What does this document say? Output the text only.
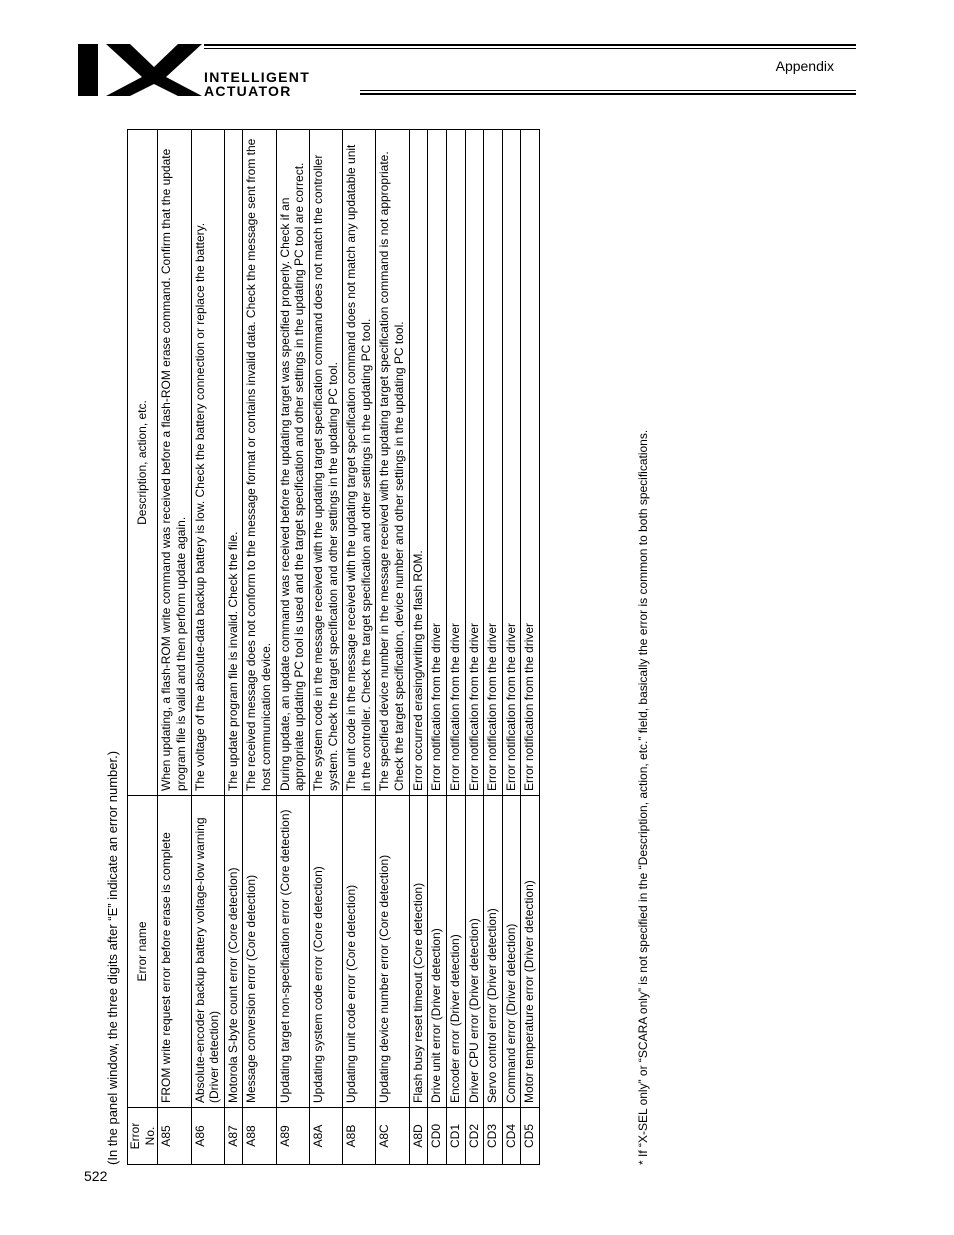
INTELLIGENT
ACTUATOR
Appendix
(In the panel window, the three digits after “E” indicate an error number.) Error No.	Error name	Description, action, etc.
A85	FROM write request error before erase is complete	When updating, a flash-ROM write command was received before a flash-ROM erase command. Confirm that the update program file is valid and then perform update again.
A86	Absolute-encoder backup battery voltage-low warning (Driver detection)	The voltage of the absolute-data backup battery is low. Check the battery connection or replace the battery.
A87	Motorola S-byte count error (Core detection)	The update program file is invalid. Check the file.
A88	Message conversion error (Core detection)	The received message does not conform to the message format or contains invalid data. Check the message sent from the host communication device.
A89	Updating target non-specification error (Core detection)	During update, an update command was received before the updating target was specified properly. Check if an appropriate updating PC tool is used and the target specification and other settings in the updating PC tool are correct.
A8A	Updating system code error (Core detection)	The system code in the message received with the updating target specification command does not match the controller system. Check the target specification and other settings in the updating PC tool.
A8B	Updating unit code error (Core detection)	The unit code in the message received with the updating target specification command does not match any updatable unit in the controller. Check the target specification and other settings in the updating PC tool.
A8C	Updating device number error (Core detection)	The specified device number in the message received with the updating target specification command is not appropriate. Check the target specification, device number and other settings in the updating PC tool.
A8D	Flash busy reset timeout (Core detection)	Error occurred erasing/writing the flash ROM.
CD0	Drive unit error (Driver detection)	Error notification from the driver
CD1	Encoder error (Driver detection)	Error notification from the driver
CD2	Driver CPU error (Driver detection)	Error notification from the driver
CD3	Servo control error (Driver detection)	Error notification from the driver
CD4	Command error (Driver detection)	Error notification from the driver
CD5	Motor temperature error (Driver detection)	Error notification from the driver	* If “X-SEL only” or “SCARA only” is not specified in the “Description, action, etc.” field, basically the error is common to both specifications.
522
